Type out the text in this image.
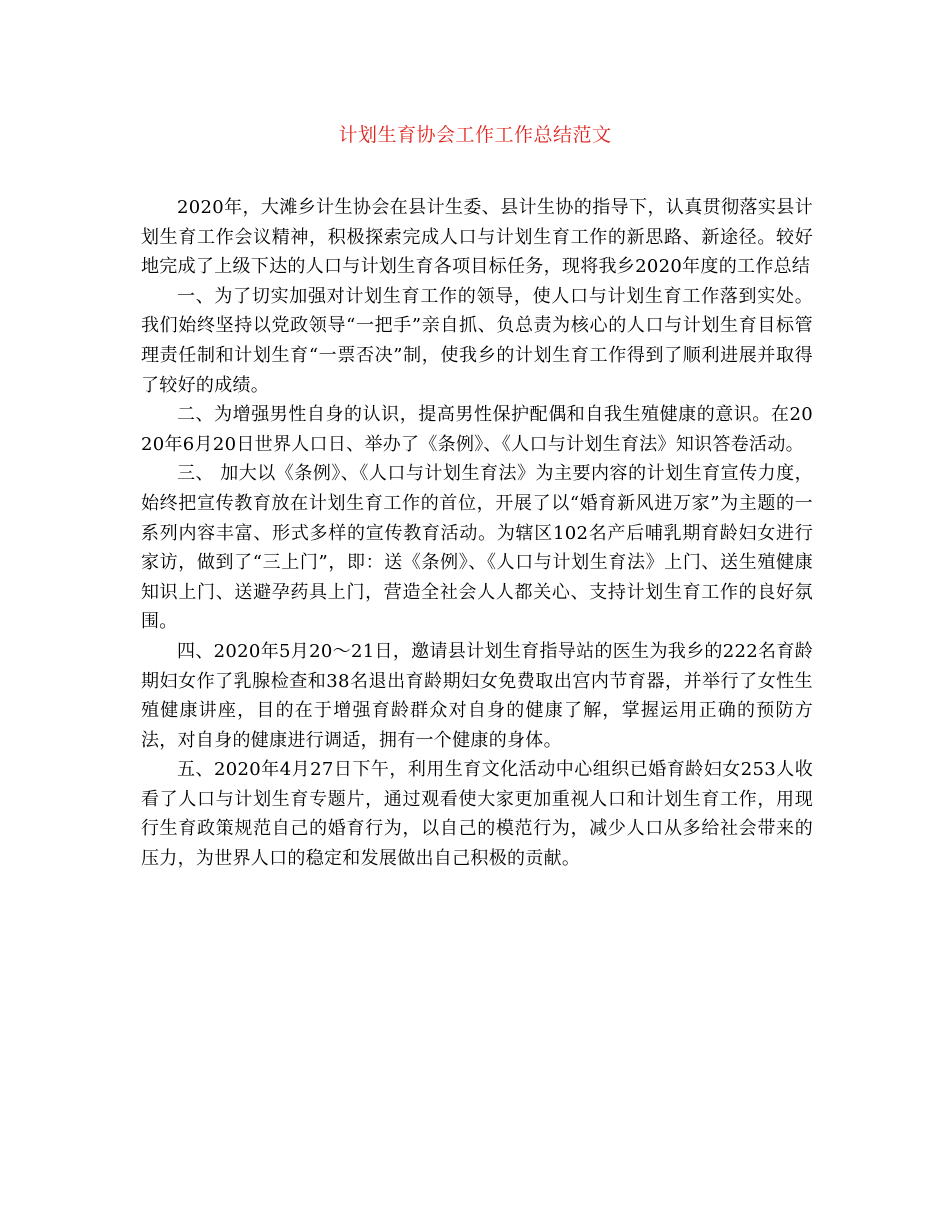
计划生育协会工作工作总结范文

2020年，大滩乡计生协会在县计生委、县计生协的指导下，认真贯彻落实县计划生育工作会议精神，积极探索完成人口与计划生育工作的新思路、新途径。较好地完成了上级下达的人口与计划生育各项目标任务，现将我乡2020年度的工作总结

一、为了切实加强对计划生育工作的领导，使人口与计划生育工作落到实处。我们始终坚持以党政领导“一把手”亲自抓、负总责为核心的人口与计划生育目标管理责任制和计划生育“一票否决”制，使我乡的计划生育工作得到了顺利进展并取得了较好的成绩。

二、为增强男性自身的认识，提高男性保护配偶和自我生殖健康的意识。在2020年6月20日世界人口日、举办了《条例》、《人口与计划生育法》知识答卷活动。

三、 加大以《条例》、《人口与计划生育法》为主要内容的计划生育宣传力度，始终把宣传教育放在计划生育工作的首位，开展了以“婚育新风进万家”为主题的一系列内容丰富、形式多样的宣传教育活动。为辖区102名产后哺乳期育龄妇女进行家访，做到了“三上门”，即：送《条例》、《人口与计划生育法》上门、送生殖健康知识上门、送避孕药具上门，营造全社会人人都关心、支持计划生育工作的良好氛围。

四、2020年5月20～21日，邀请县计划生育指导站的医生为我乡的222名育龄期妇女作了乳腺检查和38名退出育龄期妇女免费取出宫内节育器，并举行了女性生殖健康讲座，目的在于增强育龄群众对自身的健康了解，掌握运用正确的预防方法，对自身的健康进行调适，拥有一个健康的身体。

五、2020年4月27日下午，利用生育文化活动中心组织已婚育龄妇女253人收看了人口与计划生育专题片，通过观看使大家更加重视人口和计划生育工作，用现行生育政策规范自己的婚育行为，以自己的模范行为，减少人口从多给社会带来的压力，为世界人口的稳定和发展做出自己积极的贡献。
